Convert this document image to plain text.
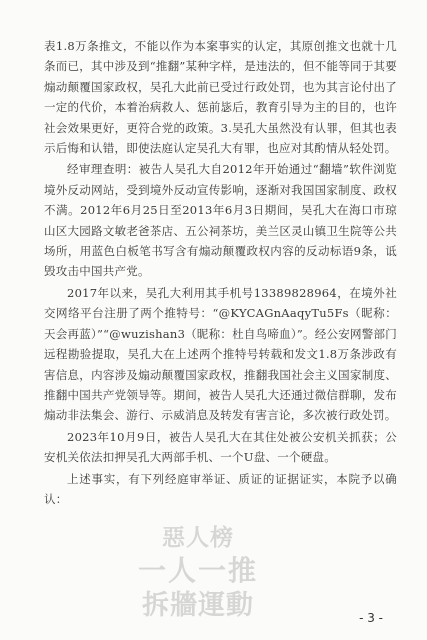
表1.8万条推文，不能以作为本案事实的认定，其原创推文也就十几条而已，其中涉及到“推翻”某种字样，是违法的，但不能等同于其要煽动颠覆国家政权，吴孔大此前已受过行政处罚，也为其言论付出了一定的代价，本着治病救人、惩前毖后，教育引导为主的目的，也许社会效果更好，更符合党的政策。3.吴孔大虽然没有认罪，但其也表示后悔和认错，即使法庭认定吴孔大有罪，也应对其酌情从轻处罚。

经审理查明：被告人吴孔大自2012年开始通过“翻墙”软件浏览境外反动网站，受到境外反动宣传影响，逐渐对我国国家制度、政权不满。2012年6月25日至2013年6月3日期间，吴孔大在海口市琼山区大园路文敏老爸茶店、五公祠茶坊，美兰区灵山镇卫生院等公共场所，用蓝色白板笔书写含有煽动颠覆政权内容的反动标语9条，诋毁攻击中国共产党。

2017年以来，吴孔大利用其手机号13389828964，在境外社交网络平台注册了两个推特号：“@KYCAGnAaqyTu5Fs（昵称：天会再蓝）”“@wuzishan3（昵称：杜自鸟啼血）”。经公安网警部门远程勘验提取，吴孔大在上述两个推特号转载和发文1.8万条涉政有害信息，内容涉及煽动颠覆国家政权，推翻我国社会主义国家制度、推翻中国共产党领导等。期间，被告人吴孔大还通过微信群聊，发布煽动非法集会、游行、示威消息及转发有害言论，多次被行政处罚。

2023年10月9日，被告人吴孔大在其住处被公安机关抓获；公安机关依法扣押吴孔大两部手机、一个U盘、一个硬盘。

上述事实，有下列经庭审举证、质证的证据证实，本院予以确认：

惡人榜
一人一推
拆牆運動	- 3 -
